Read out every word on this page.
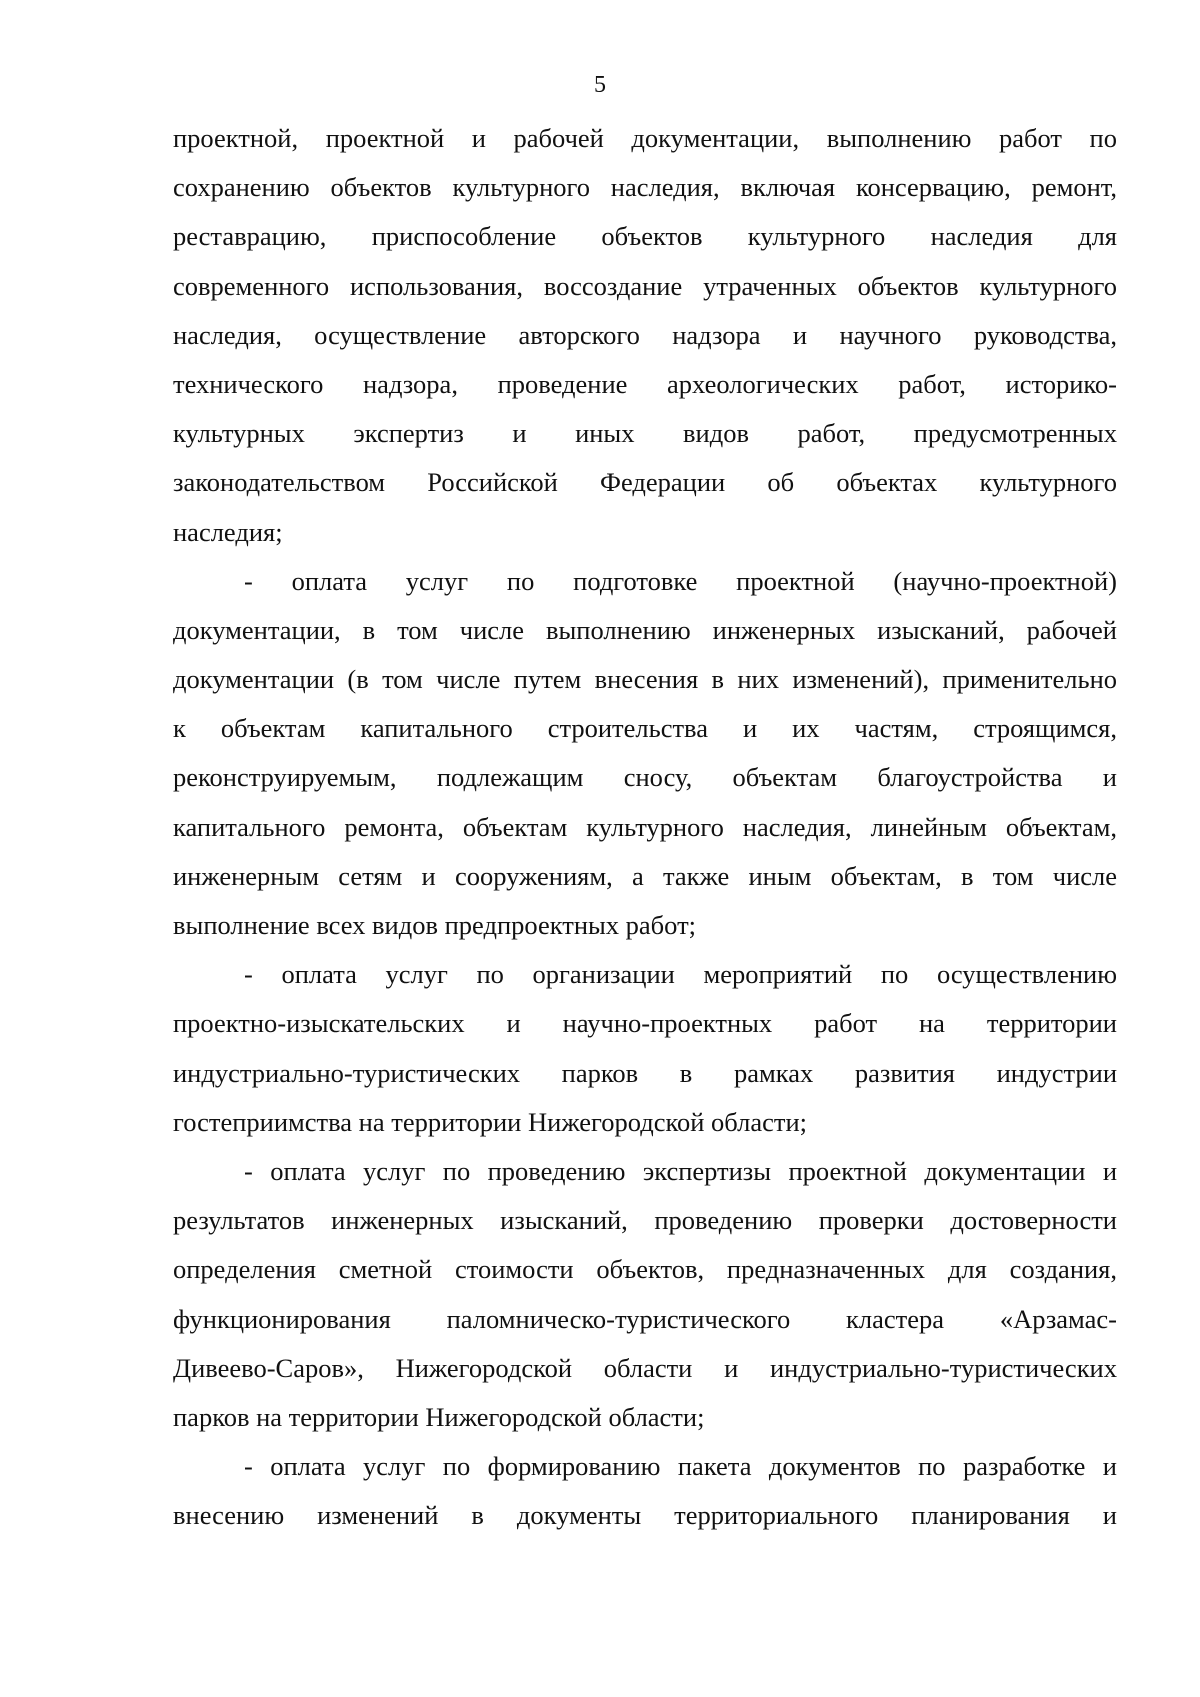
5
проектной, проектной и рабочей документации, выполнению работ по
сохранению объектов культурного наследия, включая консервацию, ремонт,
реставрацию, приспособление объектов культурного наследия для
современного использования, воссоздание утраченных объектов культурного
наследия, осуществление авторского надзора и научного руководства,
технического надзора, проведение археологических работ, историко-
культурных экспертиз и иных видов работ, предусмотренных
законодательством Российской Федерации об объектах культурного
наследия;
- оплата услуг по подготовке проектной (научно-проектной)
документации, в том числе выполнению инженерных изысканий, рабочей
документации (в том числе путем внесения в них изменений), применительно
к объектам капитального строительства и их частям, строящимся,
реконструируемым, подлежащим сносу, объектам благоустройства и
капитального ремонта, объектам культурного наследия, линейным объектам,
инженерным сетям и сооружениям, а также иным объектам, в том числе
выполнение всех видов предпроектных работ;
- оплата услуг по организации мероприятий по осуществлению
проектно-изыскательских и научно-проектных работ на территории
индустриально-туристических парков в рамках развития индустрии
гостеприимства на территории Нижегородской области;
- оплата услуг по проведению экспертизы проектной документации и
результатов инженерных изысканий, проведению проверки достоверности
определения сметной стоимости объектов, предназначенных для создания,
функционирования паломническо-туристического кластера «Арзамас-
Дивеево-Саров», Нижегородской области и индустриально-туристических
парков на территории Нижегородской области;
- оплата услуг по формированию пакета документов по разработке и
внесению изменений в документы территориального планирования и
